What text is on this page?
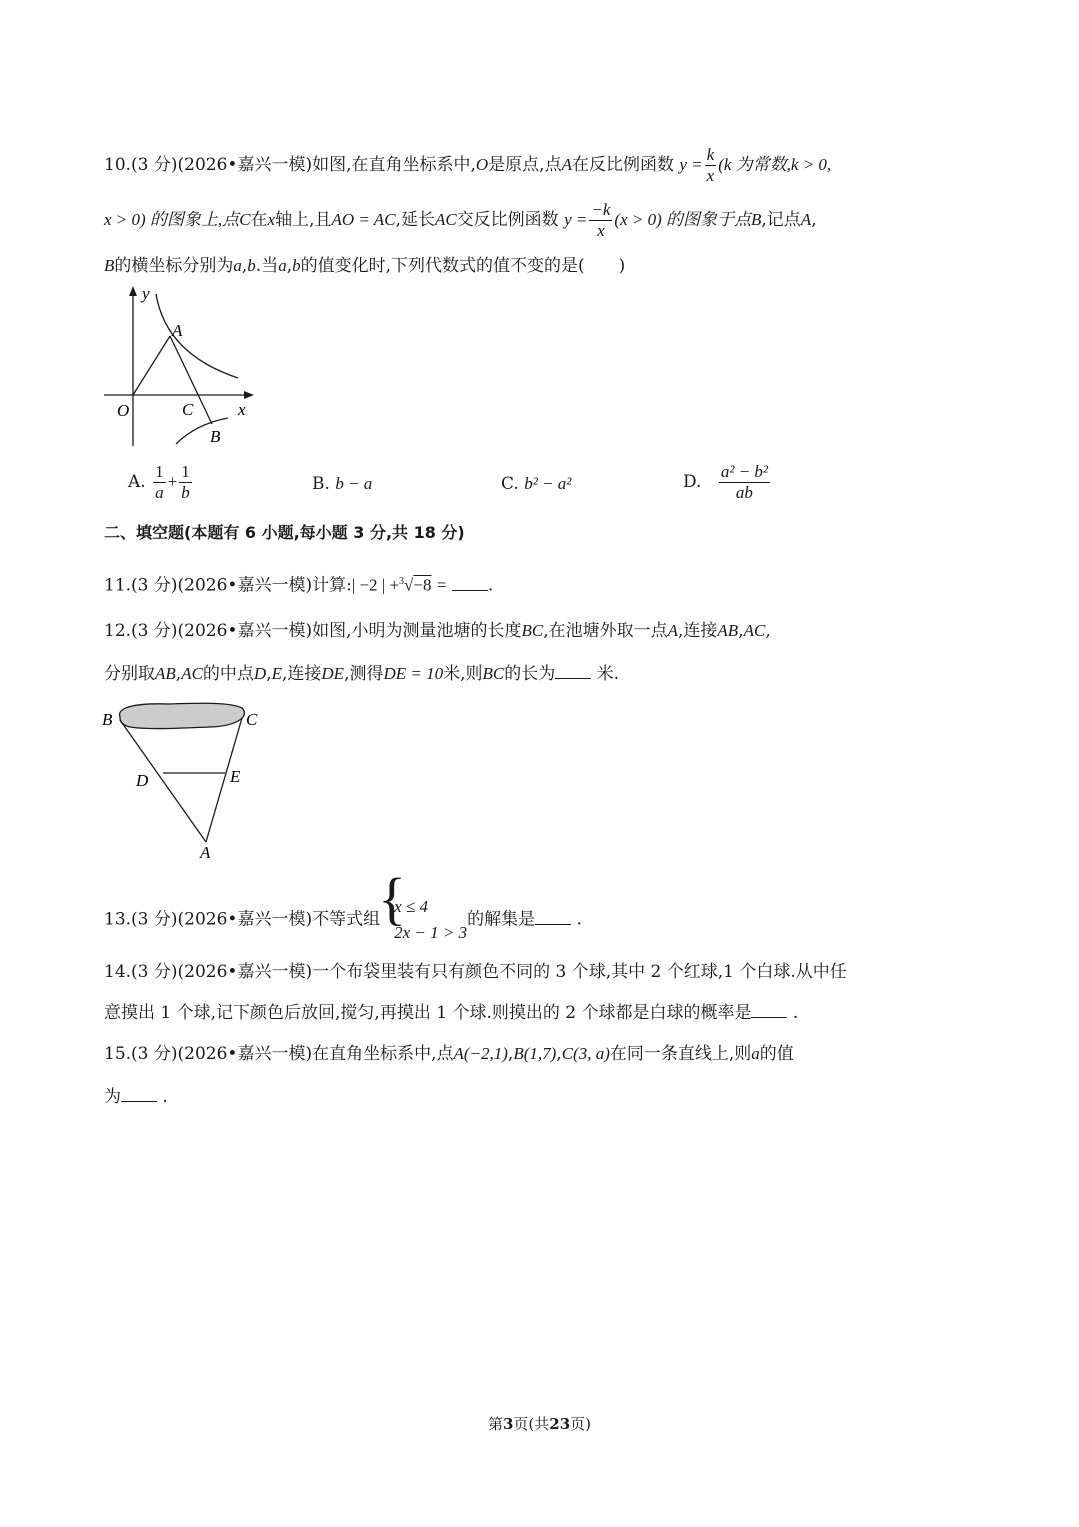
10.(3 分)(2026•嘉兴一模)如图,在直角坐标系中,O是原点,点A在反比例函数 $y = \frac{k}{x} (k$ 为常数,k > 0,
x > 0) 的图象上,点C在x轴上,且AO = AC,延长AC交反比例函数 $y = \frac{-k}{x} (x > 0)$ 的图象于点B,记点A,
B的横坐标分别为a,b.当a,b的值变化时,下列代数式的值不变的是(　　)
y
A
O	C	x
B
A. $\frac{1}{a} + \frac{1}{b}$	B. b − a	C. b² − a²	D. $\frac{\text{a² − b²}}{ab}$
二、填空题(本题有 6 小题,每小题 3 分,共 18 分)
11.(3 分)(2026•嘉兴一模)计算:| −2 | +$^3$√−8 = .
12.(3 分)(2026•嘉兴一模)如图,小明为测量池塘的长度BC,在池塘外取一点A,连接AB,AC,
分别取AB,AC的中点D,E,连接DE,测得DE = 10米,则BC的长为 米.
B	C
D	E
A
13.(3 分)(2026•嘉兴一模)不等式组
{ x ≤ 4
2x − 1 > 3
的解集是 .
14.(3 分)(2026•嘉兴一模)一个布袋里装有只有颜色不同的 3 个球,其中 2 个红球,1 个白球.从中任
意摸出 1 个球,记下颜色后放回,搅匀,再摸出 1 个球.则摸出的 2 个球都是白球的概率是 .
15.(3 分)(2026•嘉兴一模)在直角坐标系中,点A(−2,1),B(1,7),C(3, a)在同一条直线上,则a的值
为 .
第3页(共23页)
